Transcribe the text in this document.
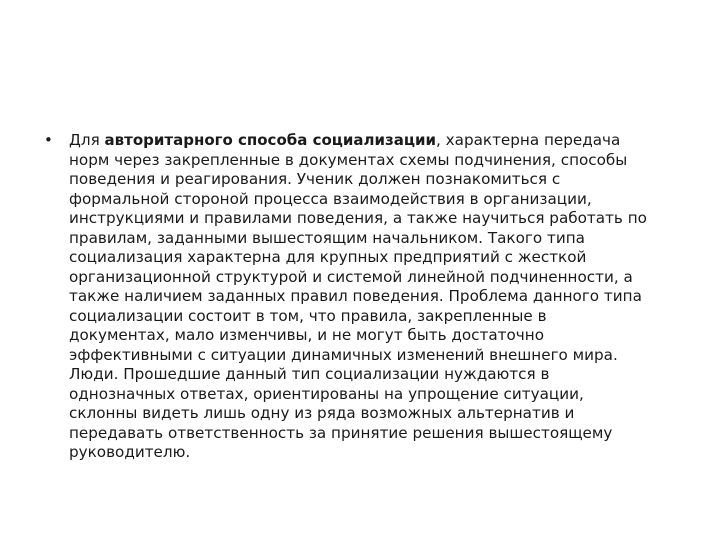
• Для авторитарного способа социализации, характерна передача
норм через закрепленные в документах схемы подчинения, способы
поведения и реагирования. Ученик должен познакомиться с
формальной стороной процесса взаимодействия в организации,
инструкциями и правилами поведения, а также научиться работать по
правилам, заданными вышестоящим начальником. Такого типа
социализация характерна для крупных предприятий с жесткой
организационной структурой и системой линейной подчиненности, а
также наличием заданных правил поведения. Проблема данного типа
социализации состоит в том, что правила, закрепленные в
документах, мало изменчивы, и не могут быть достаточно
эффективными с ситуации динамичных изменений внешнего мира.
Люди. Прошедшие данный тип социализации нуждаются в
однозначных ответах, ориентированы на упрощение ситуации,
склонны видеть лишь одну из ряда возможных альтернатив и
передавать ответственность за принятие решения вышестоящему
руководителю.
